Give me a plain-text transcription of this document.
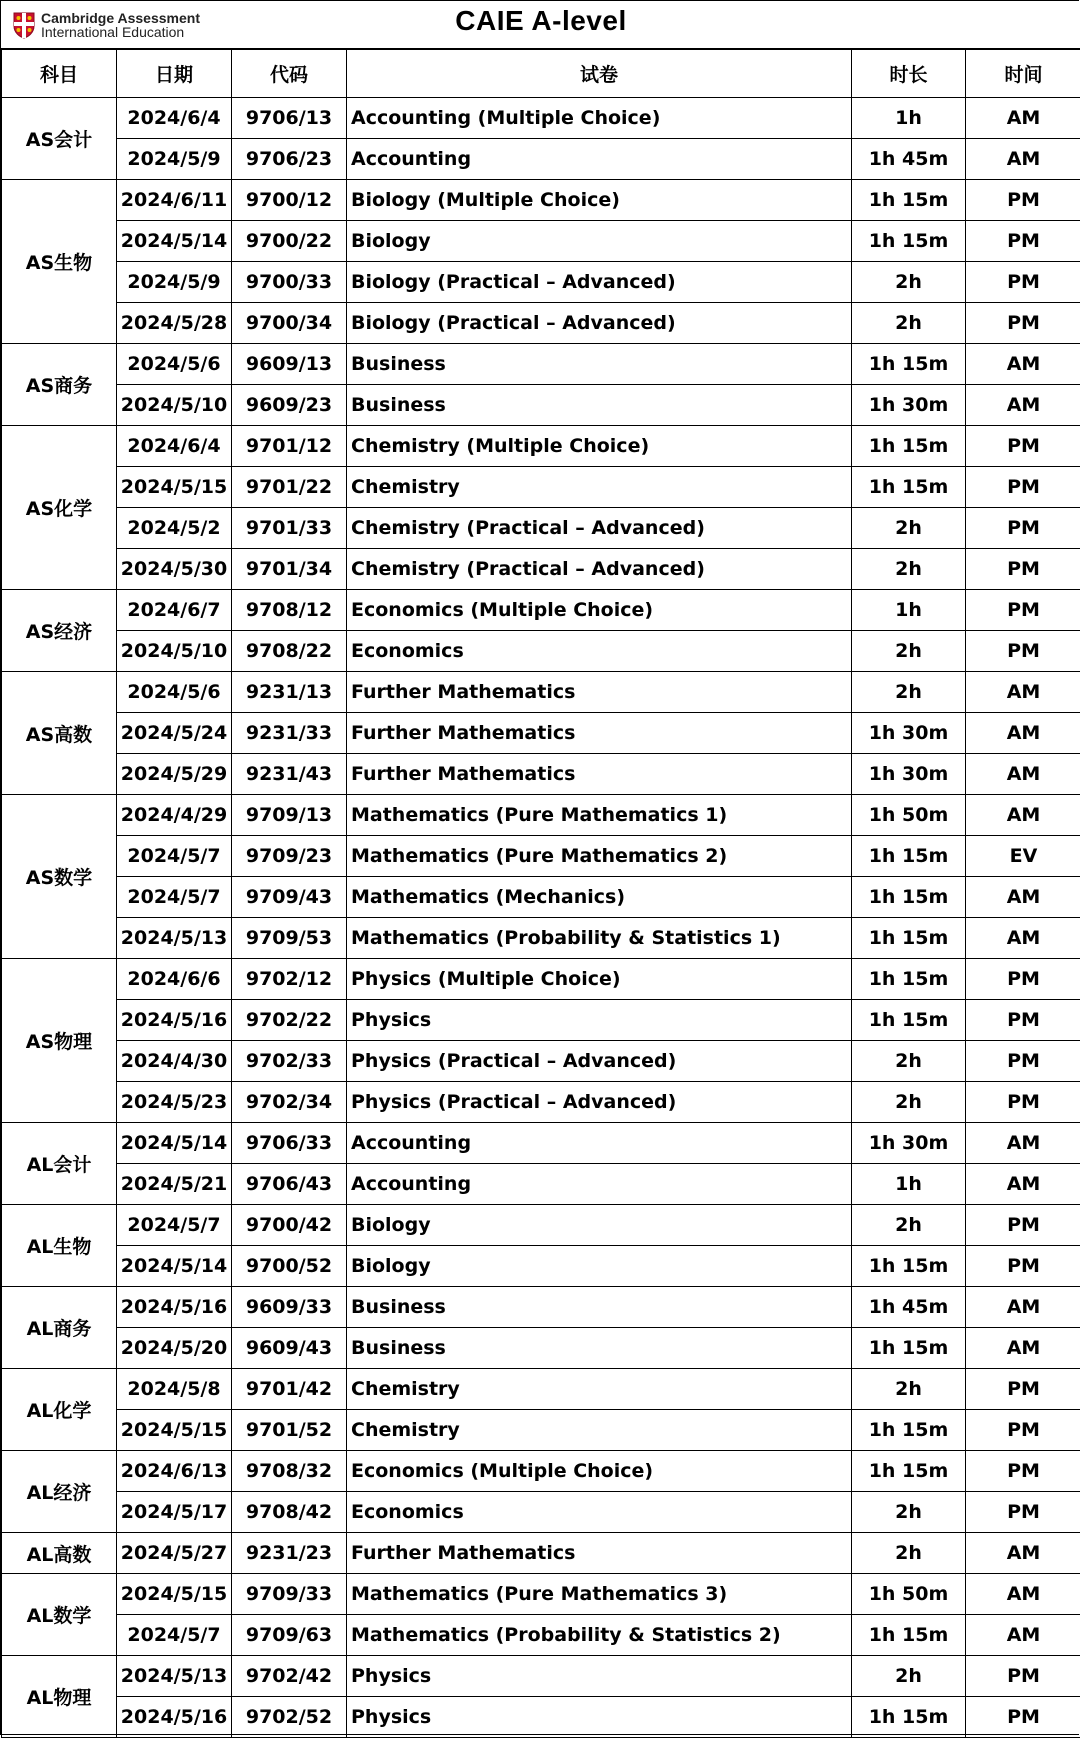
Cambridge Assessment
International Education	CAIE A-level
科目	日期	代码	试卷	时长	时间
AS会计	2024/6/4	9706/13	Accounting (Multiple Choice)	1h	AM
	2024/5/9	9706/23	Accounting	1h 45m	AM
AS生物	2024/6/11	9700/12	Biology (Multiple Choice)	1h 15m	PM
	2024/5/14	9700/22	Biology	1h 15m	PM
	2024/5/9	9700/33	Biology (Practical – Advanced)	2h	PM
	2024/5/28	9700/34	Biology (Practical – Advanced)	2h	PM
AS商务	2024/5/6	9609/13	Business	1h 15m	AM
	2024/5/10	9609/23	Business	1h 30m	AM
AS化学	2024/6/4	9701/12	Chemistry (Multiple Choice)	1h 15m	PM
	2024/5/15	9701/22	Chemistry	1h 15m	PM
	2024/5/2	9701/33	Chemistry (Practical – Advanced)	2h	PM
	2024/5/30	9701/34	Chemistry (Practical – Advanced)	2h	PM
AS经济	2024/6/7	9708/12	Economics (Multiple Choice)	1h	PM
	2024/5/10	9708/22	Economics	2h	PM
AS高数	2024/5/6	9231/13	Further Mathematics	2h	AM
	2024/5/24	9231/33	Further Mathematics	1h 30m	AM
	2024/5/29	9231/43	Further Mathematics	1h 30m	AM
AS数学	2024/4/29	9709/13	Mathematics (Pure Mathematics 1)	1h 50m	AM
	2024/5/7	9709/23	Mathematics (Pure Mathematics 2)	1h 15m	EV
	2024/5/7	9709/43	Mathematics (Mechanics)	1h 15m	AM
	2024/5/13	9709/53	Mathematics (Probability & Statistics 1)	1h 15m	AM
AS物理	2024/6/6	9702/12	Physics (Multiple Choice)	1h 15m	PM
	2024/5/16	9702/22	Physics	1h 15m	PM
	2024/4/30	9702/33	Physics (Practical – Advanced)	2h	PM
	2024/5/23	9702/34	Physics (Practical – Advanced)	2h	PM
AL会计	2024/5/14	9706/33	Accounting	1h 30m	AM
	2024/5/21	9706/43	Accounting	1h	AM
AL生物	2024/5/7	9700/42	Biology	2h	PM
	2024/5/14	9700/52	Biology	1h 15m	PM
AL商务	2024/5/16	9609/33	Business	1h 45m	AM
	2024/5/20	9609/43	Business	1h 15m	AM
AL化学	2024/5/8	9701/42	Chemistry	2h	PM
	2024/5/15	9701/52	Chemistry	1h 15m	PM
AL经济	2024/6/13	9708/32	Economics (Multiple Choice)	1h 15m	PM
	2024/5/17	9708/42	Economics	2h	PM
AL高数	2024/5/27	9231/23	Further Mathematics	2h	AM
AL数学	2024/5/15	9709/33	Mathematics (Pure Mathematics 3)	1h 50m	AM
	2024/5/7	9709/63	Mathematics (Probability & Statistics 2)	1h 15m	AM
AL物理	2024/5/13	9702/42	Physics	2h	PM
	2024/5/16	9702/52	Physics	1h 15m	PM
